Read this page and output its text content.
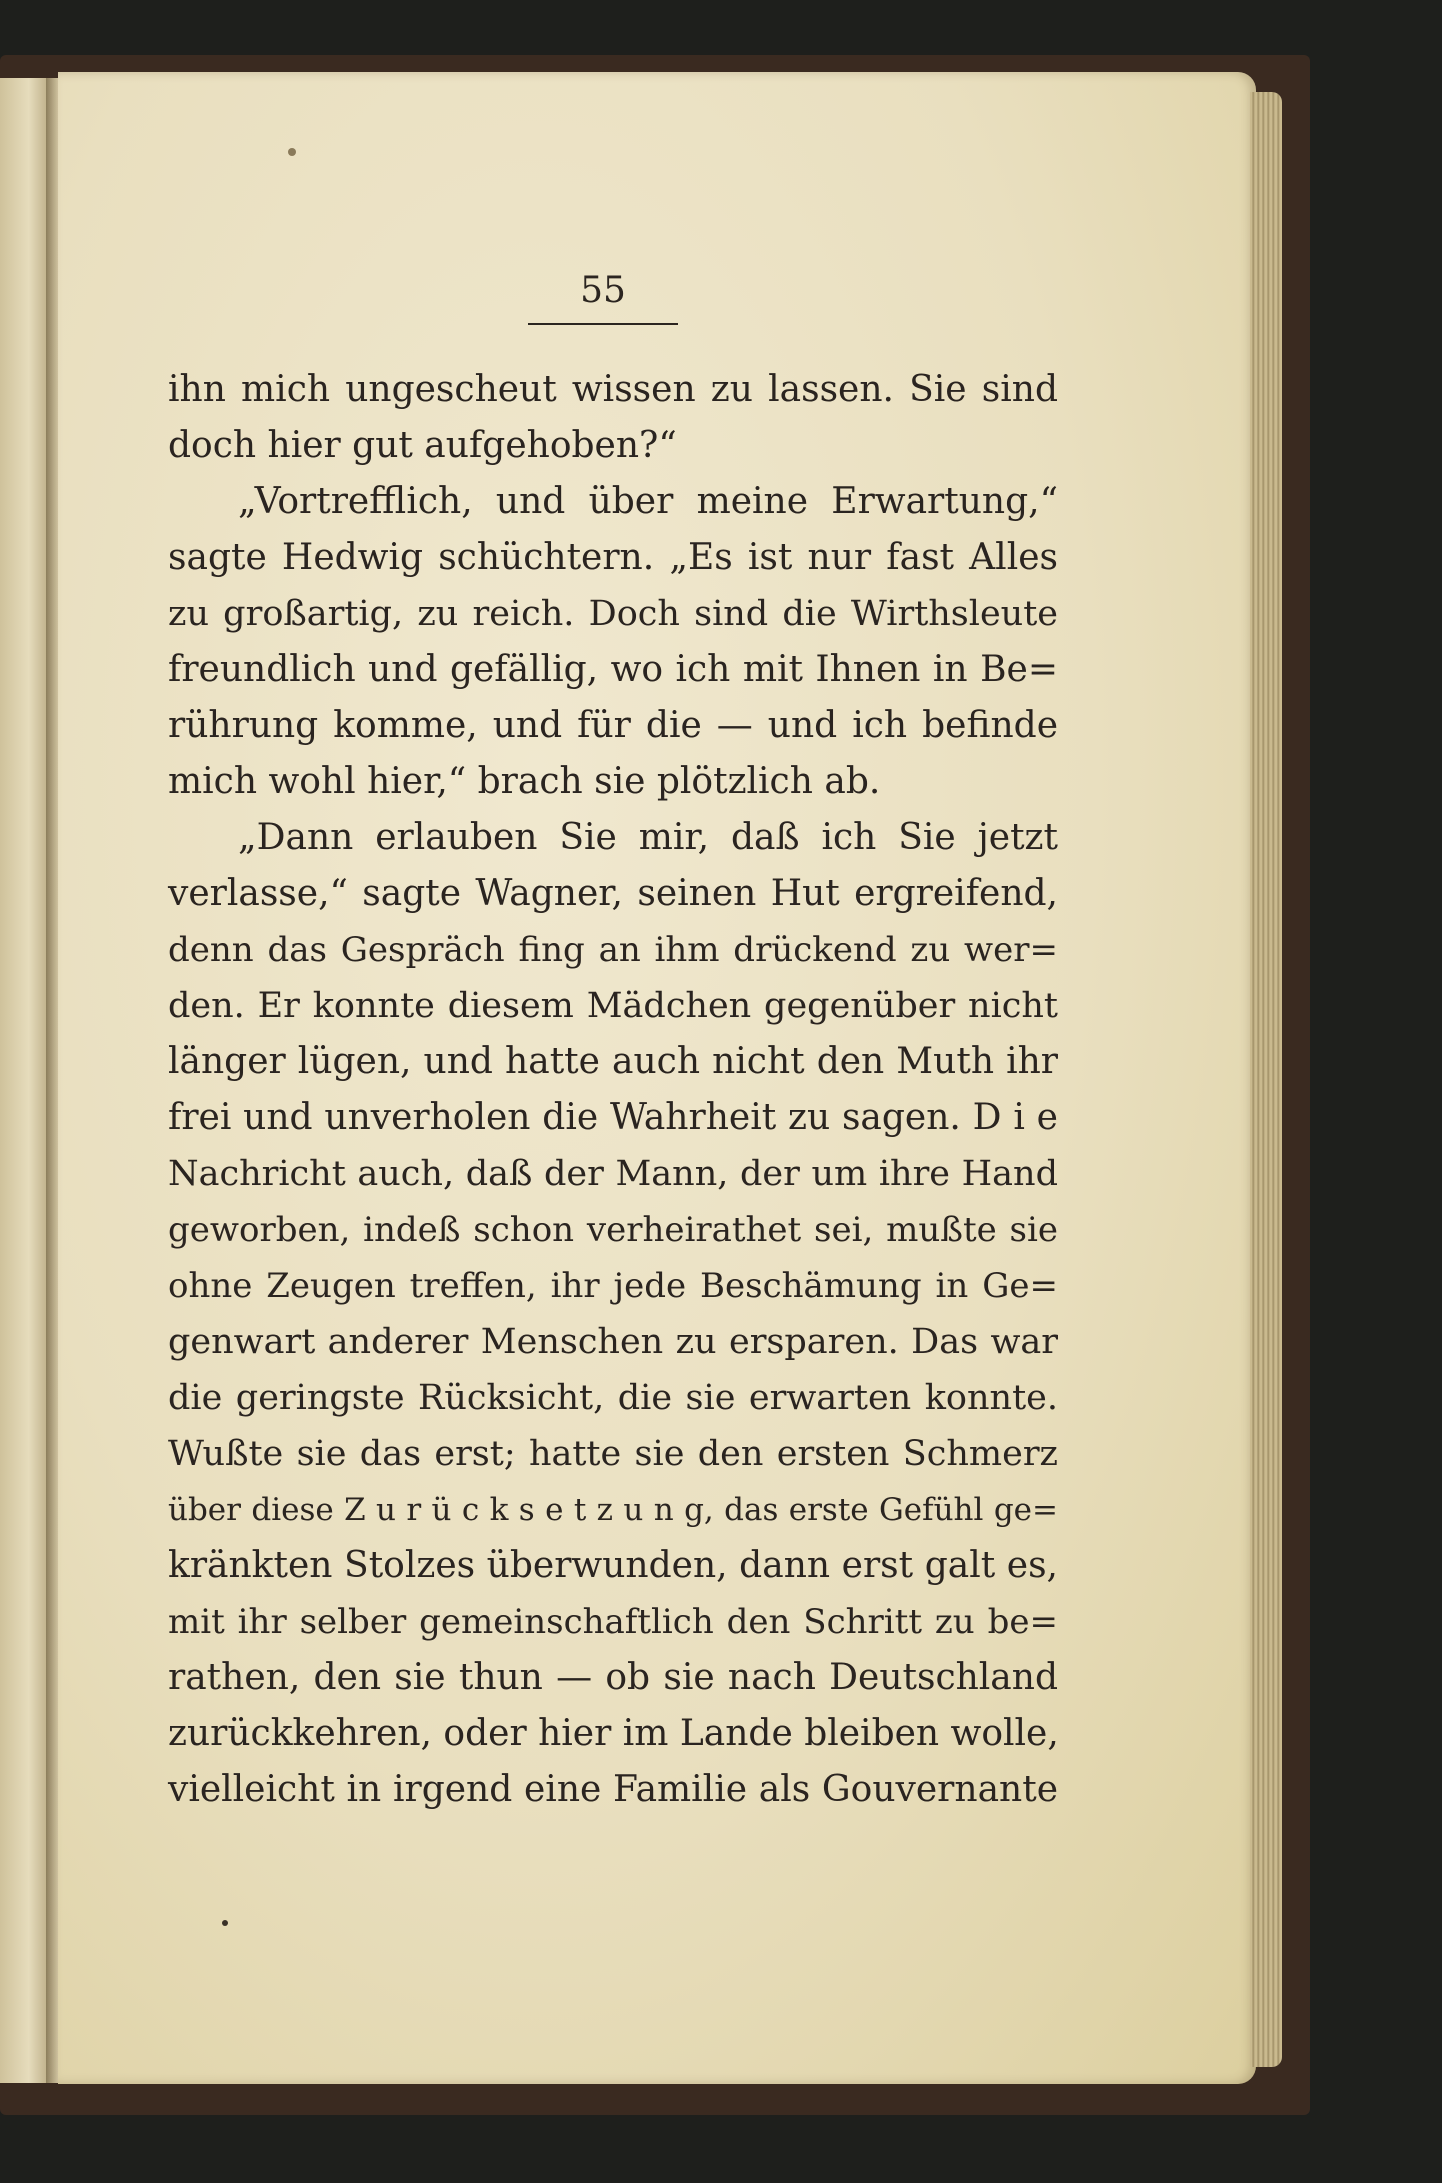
55
ihn mich ungescheut wissen zu lassen. Sie sind
doch hier gut aufgehoben?“
„Vortrefflich, und über meine Erwartung,“
sagte Hedwig schüchtern. „Es ist nur fast Alles
zu großartig, zu reich. Doch sind die Wirthsleute
freundlich und gefällig, wo ich mit Ihnen in Be=
rührung komme, und für die — und ich befinde
mich wohl hier,“ brach sie plötzlich ab.
„Dann erlauben Sie mir, daß ich Sie jetzt
verlasse,“ sagte Wagner, seinen Hut ergreifend,
denn das Gespräch fing an ihm drückend zu wer=
den. Er konnte diesem Mädchen gegenüber nicht
länger lügen, und hatte auch nicht den Muth ihr
frei und unverholen die Wahrheit zu sagen. D i e
Nachricht auch, daß der Mann, der um ihre Hand
geworben, indeß schon verheirathet sei, mußte sie
ohne Zeugen treffen, ihr jede Beschämung in Ge=
genwart anderer Menschen zu ersparen. Das war
die geringste Rücksicht, die sie erwarten konnte.
Wußte sie das erst; hatte sie den ersten Schmerz
über diese Z u r ü c k s e t z u n g, das erste Gefühl ge=
kränkten Stolzes überwunden, dann erst galt es,
mit ihr selber gemeinschaftlich den Schritt zu be=
rathen, den sie thun — ob sie nach Deutschland
zurückkehren, oder hier im Lande bleiben wolle,
vielleicht in irgend eine Familie als Gouvernante
